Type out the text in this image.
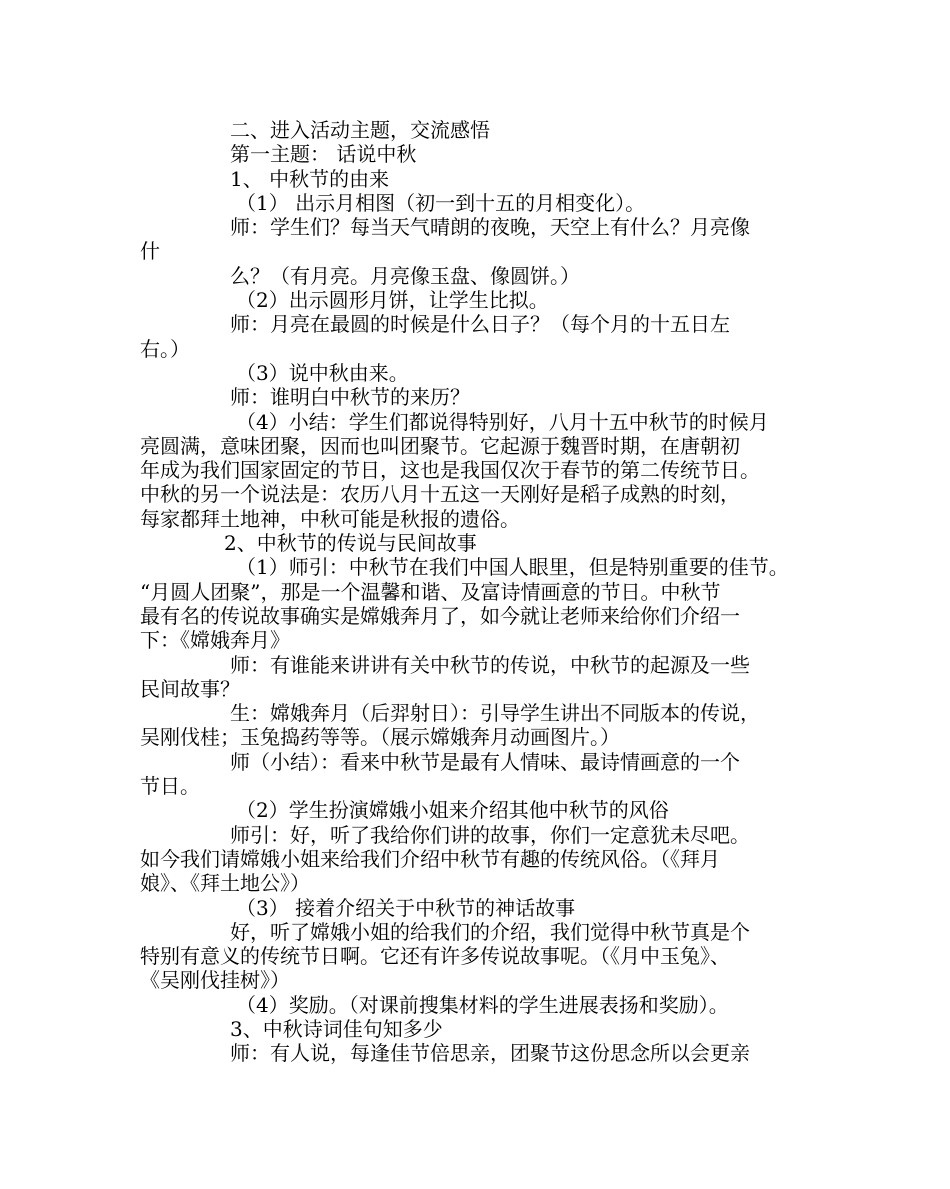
二、进入活动主题，交流感悟
第一主题： 话说中秋
1、 中秋节的由来
（1） 出示月相图（初一到十五的月相变化）。
师：学生们？每当天气晴朗的夜晚，天空上有什么？月亮像
什
么？（有月亮。月亮像玉盘、像圆饼。）
（2）出示圆形月饼，让学生比拟。
师：月亮在最圆的时候是什么日子？（每个月的十五日左
右。）
（3）说中秋由来。
师：谁明白中秋节的来历？
（4）小结：学生们都说得特别好，八月十五中秋节的时候月
亮圆满，意味团聚，因而也叫团聚节。它起源于魏晋时期，在唐朝初
年成为我们国家固定的节日，这也是我国仅次于春节的第二传统节日。
中秋的另一个说法是：农历八月十五这一天刚好是稻子成熟的时刻，
每家都拜土地神，中秋可能是秋报的遗俗。
2、中秋节的传说与民间故事
（1）师引：中秋节在我们中国人眼里，但是特别重要的佳节。
“月圆人团聚”，那是一个温馨和谐、及富诗情画意的节日。中秋节
最有名的传说故事确实是嫦娥奔月了，如今就让老师来给你们介绍一
下：《嫦娥奔月》
师：有谁能来讲讲有关中秋节的传说，中秋节的起源及一些
民间故事？
生：嫦娥奔月（后羿射日）：引导学生讲出不同版本的传说，
吴刚伐桂；玉兔捣药等等。（展示嫦娥奔月动画图片。）
师（小结）：看来中秋节是最有人情味、最诗情画意的一个
节日。
（2）学生扮演嫦娥小姐来介绍其他中秋节的风俗
师引：好，听了我给你们讲的故事，你们一定意犹未尽吧。
如今我们请嫦娥小姐来给我们介绍中秋节有趣的传统风俗。（《拜月
娘》、《拜土地公》）
（3） 接着介绍关于中秋节的神话故事
好，听了嫦娥小姐的给我们的介绍，我们觉得中秋节真是个
特别有意义的传统节日啊。它还有许多传说故事呢。（《月中玉兔》、
《吴刚伐挂树》）
（4）奖励。（对课前搜集材料的学生进展表扬和奖励）。
3、中秋诗词佳句知多少
师：有人说，每逢佳节倍思亲，团聚节这份思念所以会更亲
